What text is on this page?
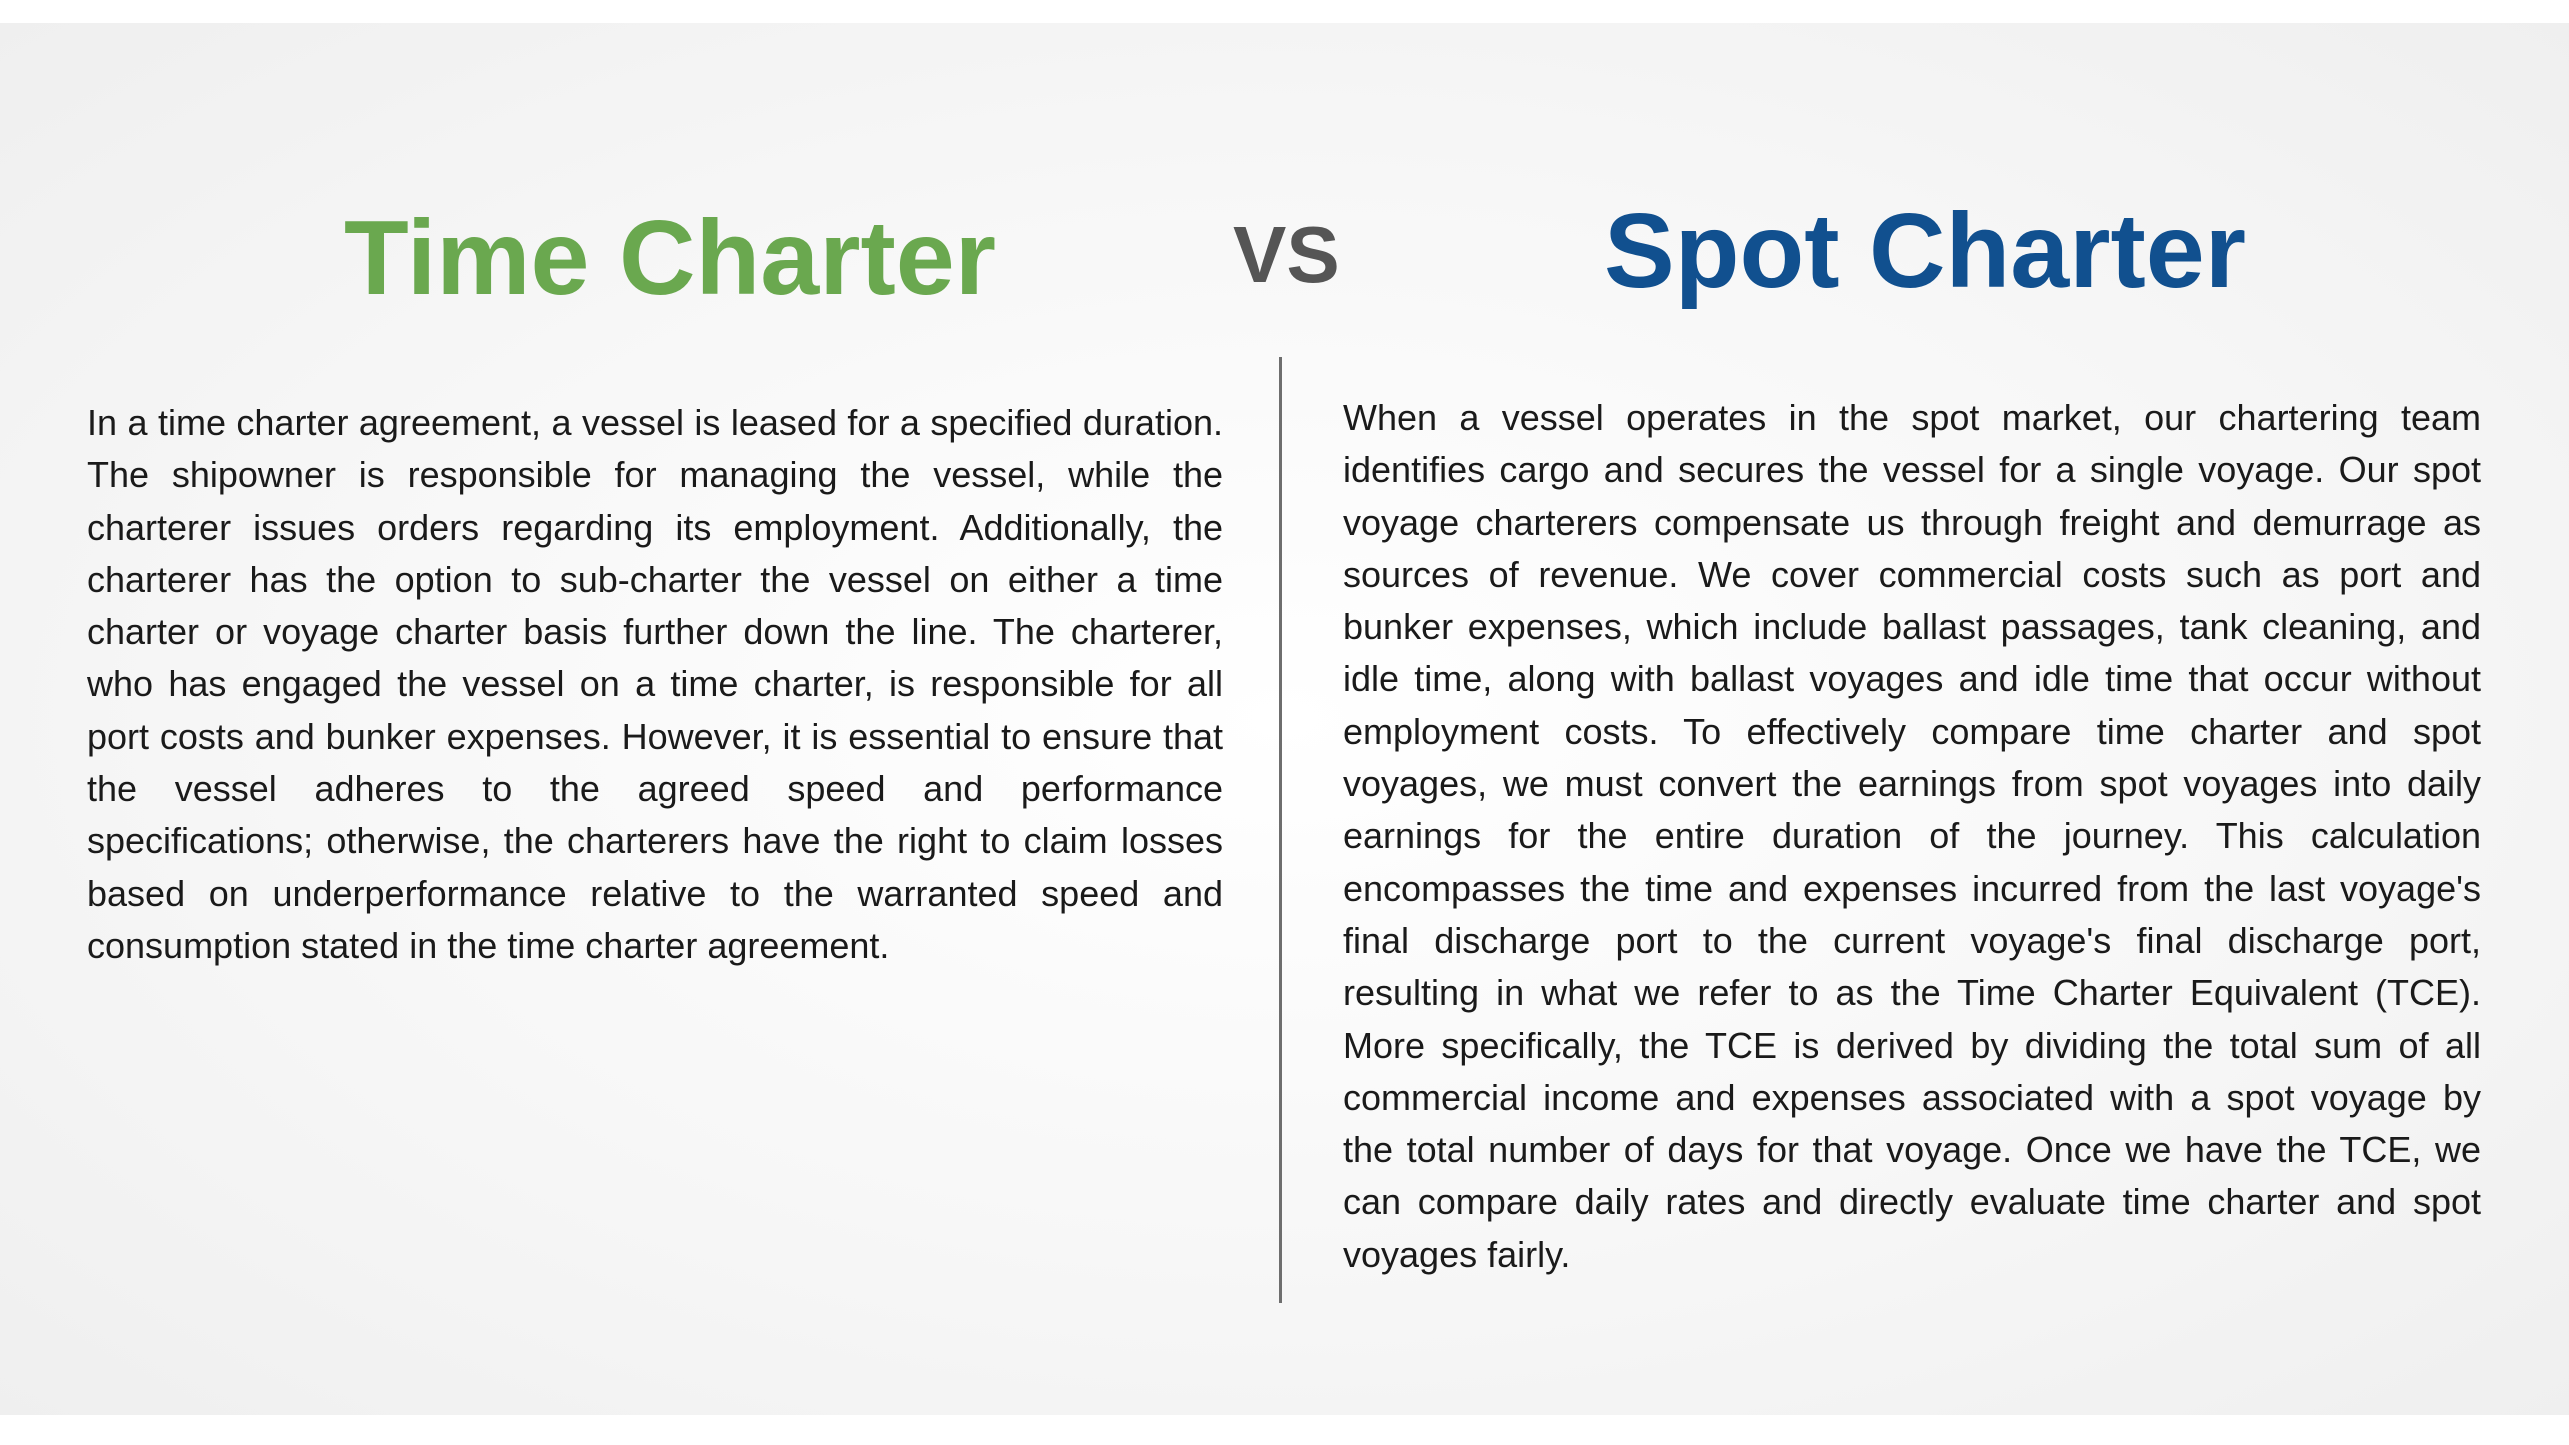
Time Charter	VS Spot Charter

In a time charter agreement, a vessel is leased for a specified duration. The shipowner is responsible for managing the vessel, while the charterer issues orders regarding its employment. Additionally, the charterer has the option to sub-charter the vessel on either a time charter or voyage charter basis further down the line. The charterer, who has engaged the vessel on a time charter, is responsible for all port costs and bunker expenses. However, it is essential to ensure that the vessel adheres to the agreed speed and performance specifications; otherwise, the charterers have the right to claim losses based on underperformance relative to the warranted speed and consumption stated in the time charter agreement.

When a vessel operates in the spot market, our chartering team identifies cargo and secures the vessel for a single voyage. Our spot voyage charterers compensate us through freight and demurrage as sources of revenue. We cover commercial costs such as port and bunker expenses, which include ballast passages, tank cleaning, and idle time, along with ballast voyages and idle time that occur without employment costs. To effectively compare time charter and spot voyages, we must convert the earnings from spot voyages into daily earnings for the entire duration of the journey. This calculation encompasses the time and expenses incurred from the last voyage's final discharge port to the current voyage's final discharge port, resulting in what we refer to as the Time Charter Equivalent (TCE). More specifically, the TCE is derived by dividing the total sum of all commercial income and expenses associated with a spot voyage by the total number of days for that voyage. Once we have the TCE, we can compare daily rates and directly evaluate time charter and spot voyages fairly.
